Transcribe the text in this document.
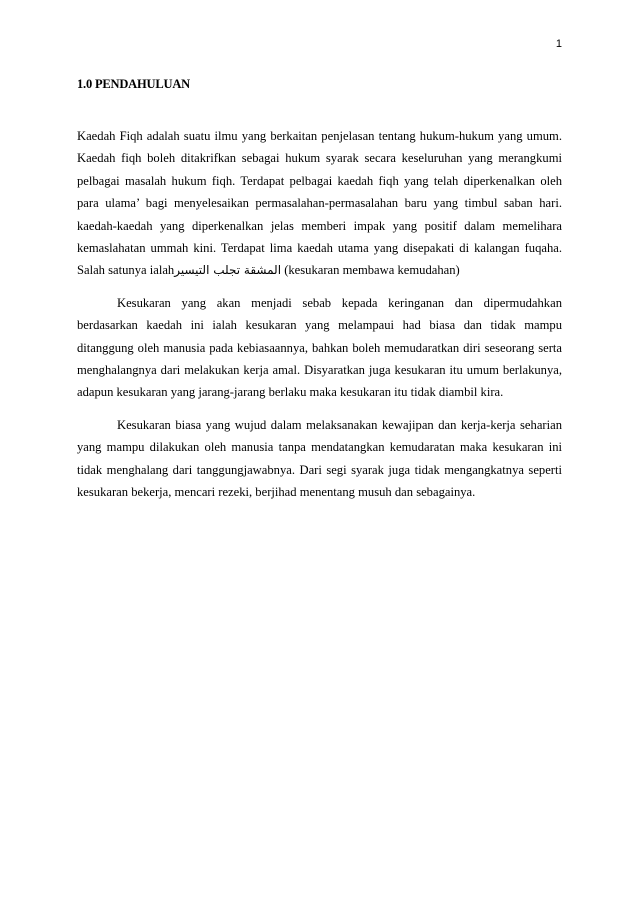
1
1.0 PENDAHULUAN

Kaedah Fiqh adalah suatu ilmu yang berkaitan penjelasan tentang hukum-hukum yang umum. Kaedah fiqh boleh ditakrifkan sebagai hukum syarak secara keseluruhan yang merangkumi pelbagai masalah hukum fiqh. Terdapat pelbagai kaedah fiqh yang telah diperkenalkan oleh para ulama’ bagi menyelesaikan permasalahan-permasalahan baru yang timbul saban hari. kaedah-kaedah yang diperkenalkan jelas memberi impak yang positif dalam memelihara kemaslahatan ummah kini. Terdapat lima kaedah utama yang disepakati di kalangan fuqaha. Salah satunya ialahالمشقة تجلب التيسير (kesukaran membawa kemudahan)

Kesukaran yang akan menjadi sebab kepada keringanan dan dipermudahkan berdasarkan kaedah ini ialah kesukaran yang melampaui had biasa dan tidak mampu ditanggung oleh manusia pada kebiasaannya, bahkan boleh memudaratkan diri seseorang serta menghalangnya dari melakukan kerja amal. Disyaratkan juga kesukaran itu umum berlakunya, adapun kesukaran yang jarang-jarang berlaku maka kesukaran itu tidak diambil kira.

Kesukaran biasa yang wujud dalam melaksanakan kewajipan dan kerja-kerja seharian yang mampu dilakukan oleh manusia tanpa mendatangkan kemudaratan maka kesukaran ini tidak menghalang dari tanggungjawabnya. Dari segi syarak juga tidak mengangkatnya seperti kesukaran bekerja, mencari rezeki, berjihad menentang musuh dan sebagainya.
